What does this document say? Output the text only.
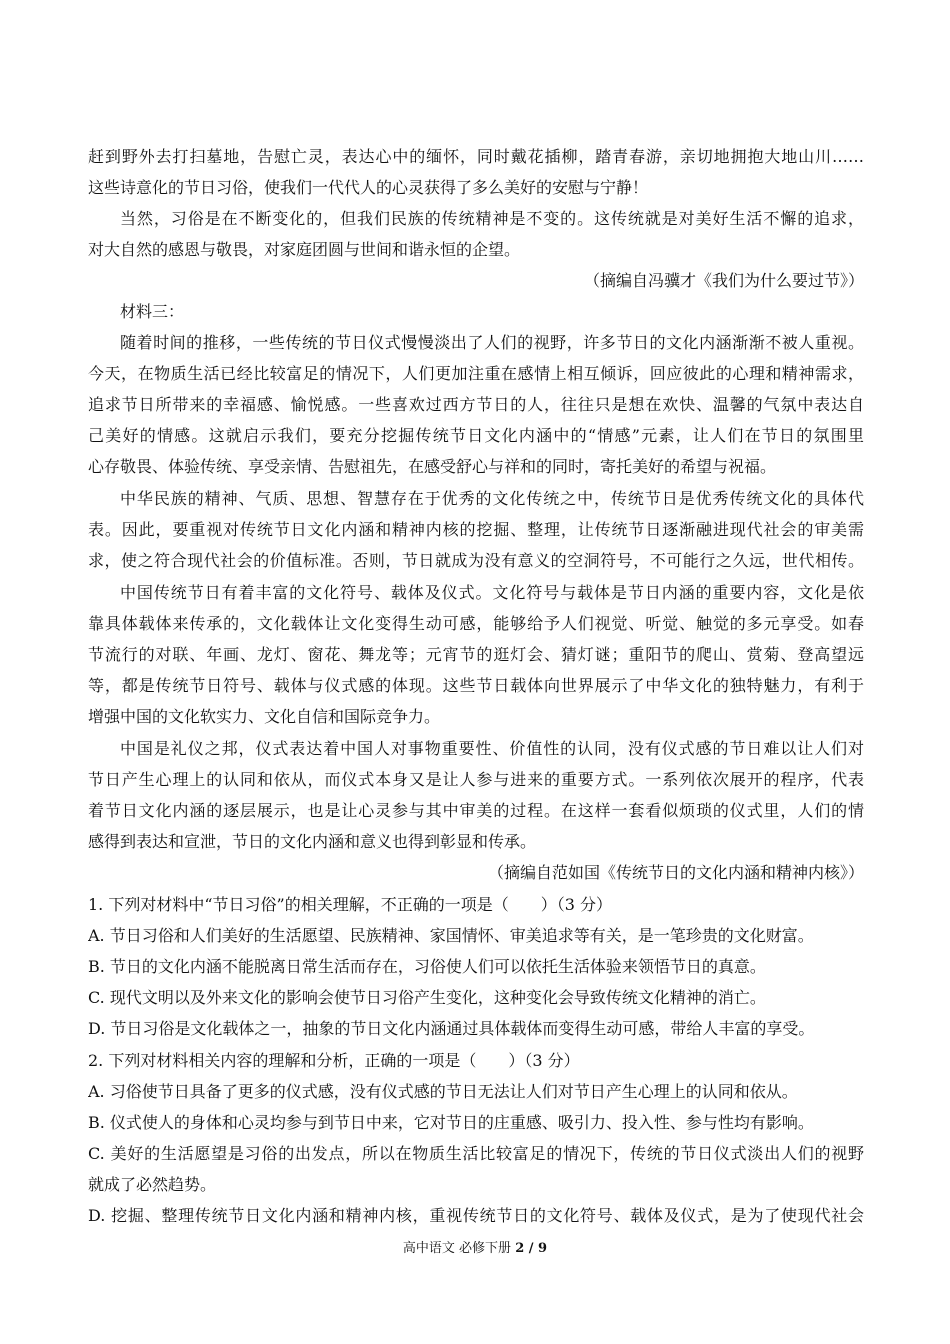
赶到野外去打扫墓地，告慰亡灵，表达心中的缅怀，同时戴花插柳，踏青春游，亲切地拥抱大地山川……
这些诗意化的节日习俗，使我们一代代人的心灵获得了多么美好的安慰与宁静！
当然，习俗是在不断变化的，但我们民族的传统精神是不变的。这传统就是对美好生活不懈的追求，
对大自然的感恩与敬畏，对家庭团圆与世间和谐永恒的企望。
（摘编自冯骥才《我们为什么要过节》）
材料三：
随着时间的推移，一些传统的节日仪式慢慢淡出了人们的视野，许多节日的文化内涵渐渐不被人重视。
今天，在物质生活已经比较富足的情况下，人们更加注重在感情上相互倾诉，回应彼此的心理和精神需求，
追求节日所带来的幸福感、愉悦感。一些喜欢过西方节日的人，往往只是想在欢快、温馨的气氛中表达自
己美好的情感。这就启示我们，要充分挖掘传统节日文化内涵中的“情感”元素，让人们在节日的氛围里
心存敬畏、体验传统、享受亲情、告慰祖先，在感受舒心与祥和的同时，寄托美好的希望与祝福。
中华民族的精神、气质、思想、智慧存在于优秀的文化传统之中，传统节日是优秀传统文化的具体代
表。因此，要重视对传统节日文化内涵和精神内核的挖掘、整理，让传统节日逐渐融进现代社会的审美需
求，使之符合现代社会的价值标准。否则，节日就成为没有意义的空洞符号，不可能行之久远，世代相传。
中国传统节日有着丰富的文化符号、载体及仪式。文化符号与载体是节日内涵的重要内容，文化是依
靠具体载体来传承的，文化载体让文化变得生动可感，能够给予人们视觉、听觉、触觉的多元享受。如春
节流行的对联、年画、龙灯、窗花、舞龙等；元宵节的逛灯会、猜灯谜；重阳节的爬山、赏菊、登高望远
等，都是传统节日符号、载体与仪式感的体现。这些节日载体向世界展示了中华文化的独特魅力，有利于
增强中国的文化软实力、文化自信和国际竞争力。
中国是礼仪之邦，仪式表达着中国人对事物重要性、价值性的认同，没有仪式感的节日难以让人们对
节日产生心理上的认同和依从，而仪式本身又是让人参与进来的重要方式。一系列依次展开的程序，代表
着节日文化内涵的逐层展示，也是让心灵参与其中审美的过程。在这样一套看似烦琐的仪式里，人们的情
感得到表达和宣泄，节日的文化内涵和意义也得到彰显和传承。
（摘编自范如国《传统节日的文化内涵和精神内核》）
1. 下列对材料中“节日习俗”的相关理解，不正确的一项是（　　）（3 分）
A. 节日习俗和人们美好的生活愿望、民族精神、家国情怀、审美追求等有关，是一笔珍贵的文化财富。
B. 节日的文化内涵不能脱离日常生活而存在，习俗使人们可以依托生活体验来领悟节日的真意。
C. 现代文明以及外来文化的影响会使节日习俗产生变化，这种变化会导致传统文化精神的消亡。
D. 节日习俗是文化载体之一，抽象的节日文化内涵通过具体载体而变得生动可感，带给人丰富的享受。
2. 下列对材料相关内容的理解和分析，正确的一项是（　　）（3 分）
A. 习俗使节日具备了更多的仪式感，没有仪式感的节日无法让人们对节日产生心理上的认同和依从。
B. 仪式使人的身体和心灵均参与到节日中来，它对节日的庄重感、吸引力、投入性、参与性均有影响。
C. 美好的生活愿望是习俗的出发点，所以在物质生活比较富足的情况下，传统的节日仪式淡出人们的视野
就成了必然趋势。
D. 挖掘、整理传统节日文化内涵和精神内核，重视传统节日的文化符号、载体及仪式，是为了使现代社会
高中语文 必修下册 2 / 9
